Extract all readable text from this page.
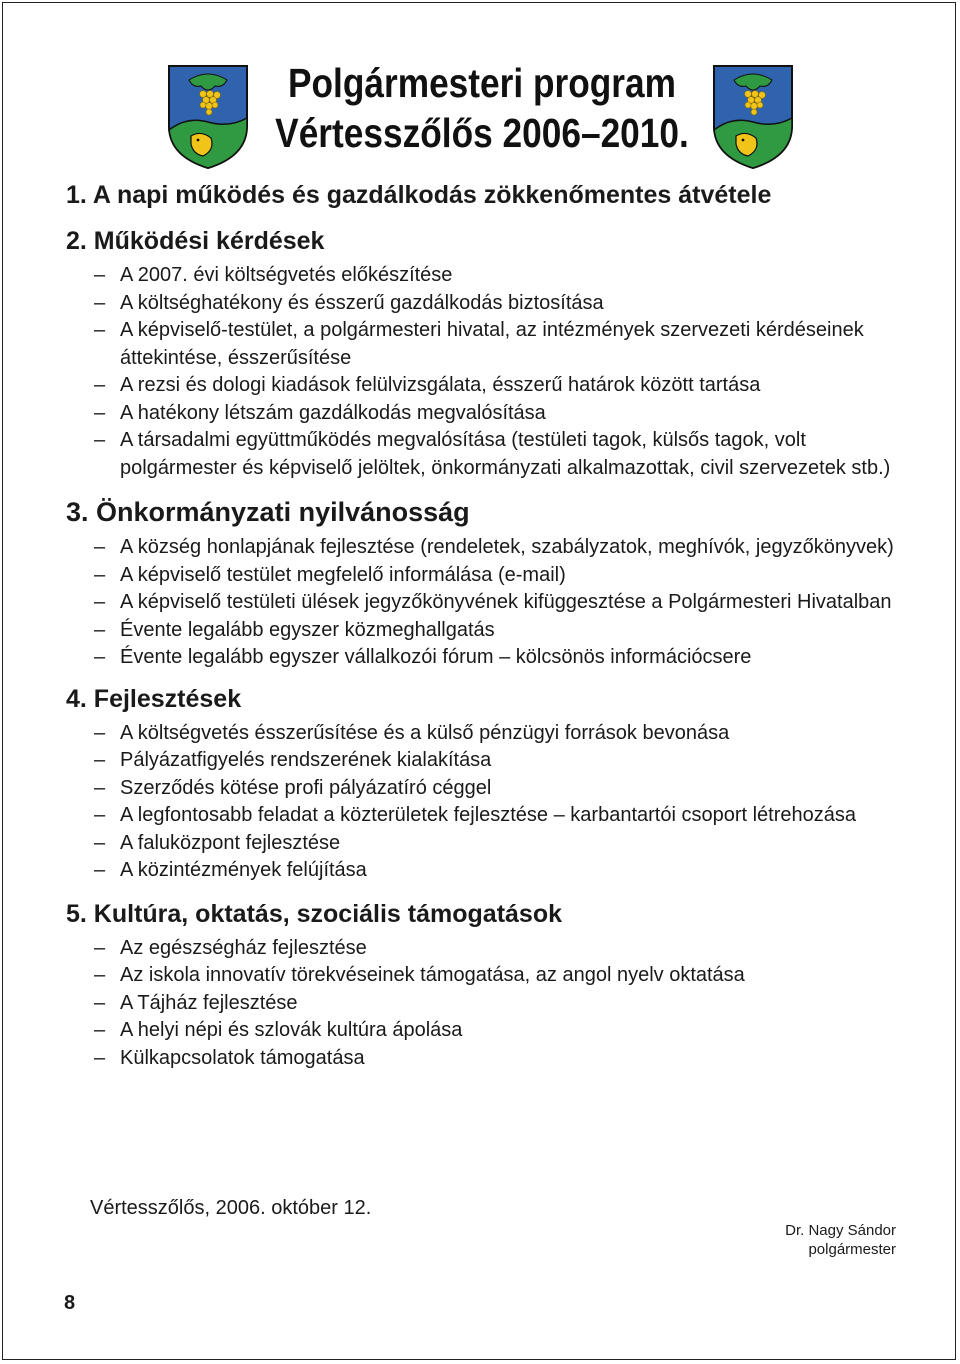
Polgármesteri program
Vértesszőlős 2006–2010.
1. A napi működés és gazdálkodás zökkenőmentes átvétele
2. Működési kérdések
– A 2007. évi költségvetés előkészítése
– A költséghatékony és ésszerű gazdálkodás biztosítása
– A képviselő-testület, a polgármesteri hivatal, az intézmények szervezeti kérdéseinek áttekintése, ésszerűsítése
– A rezsi és dologi kiadások felülvizsgálata, ésszerű határok között tartása
– A hatékony létszám gazdálkodás megvalósítása
– A társadalmi együttműködés megvalósítása (testületi tagok, külsős tagok, volt polgármester és képviselő jelöltek, önkormányzati alkalmazottak, civil szervezetek stb.)
3. Önkormányzati nyilvánosság
– A község honlapjának fejlesztése (rendeletek, szabályzatok, meghívók, jegyzőkönyvek)
– A képviselő testület megfelelő informálása (e-mail)
– A képviselő testületi ülések jegyzőkönyvének kifüggesztése a Polgármesteri Hivatalban
– Évente legalább egyszer közmeghallgatás
– Évente legalább egyszer vállalkozói fórum – kölcsönös információcsere
4. Fejlesztések
– A költségvetés ésszerűsítése és a külső pénzügyi források bevonása
– Pályázatfigyelés rendszerének kialakítása
– Szerződés kötése profi pályázatíró céggel
– A legfontosabb feladat a közterületek fejlesztése – karbantartói csoport létrehozása
– A faluközpont fejlesztése
– A közintézmények felújítása
5. Kultúra, oktatás, szociális támogatások
– Az egészségház fejlesztése
– Az iskola innovatív törekvéseinek támogatása, az angol nyelv oktatása
– A Tájház fejlesztése
– A helyi népi és szlovák kultúra ápolása
– Külkapcsolatok támogatása
Vértesszőlős, 2006. október 12.
Dr. Nagy Sándor
polgármester
8
